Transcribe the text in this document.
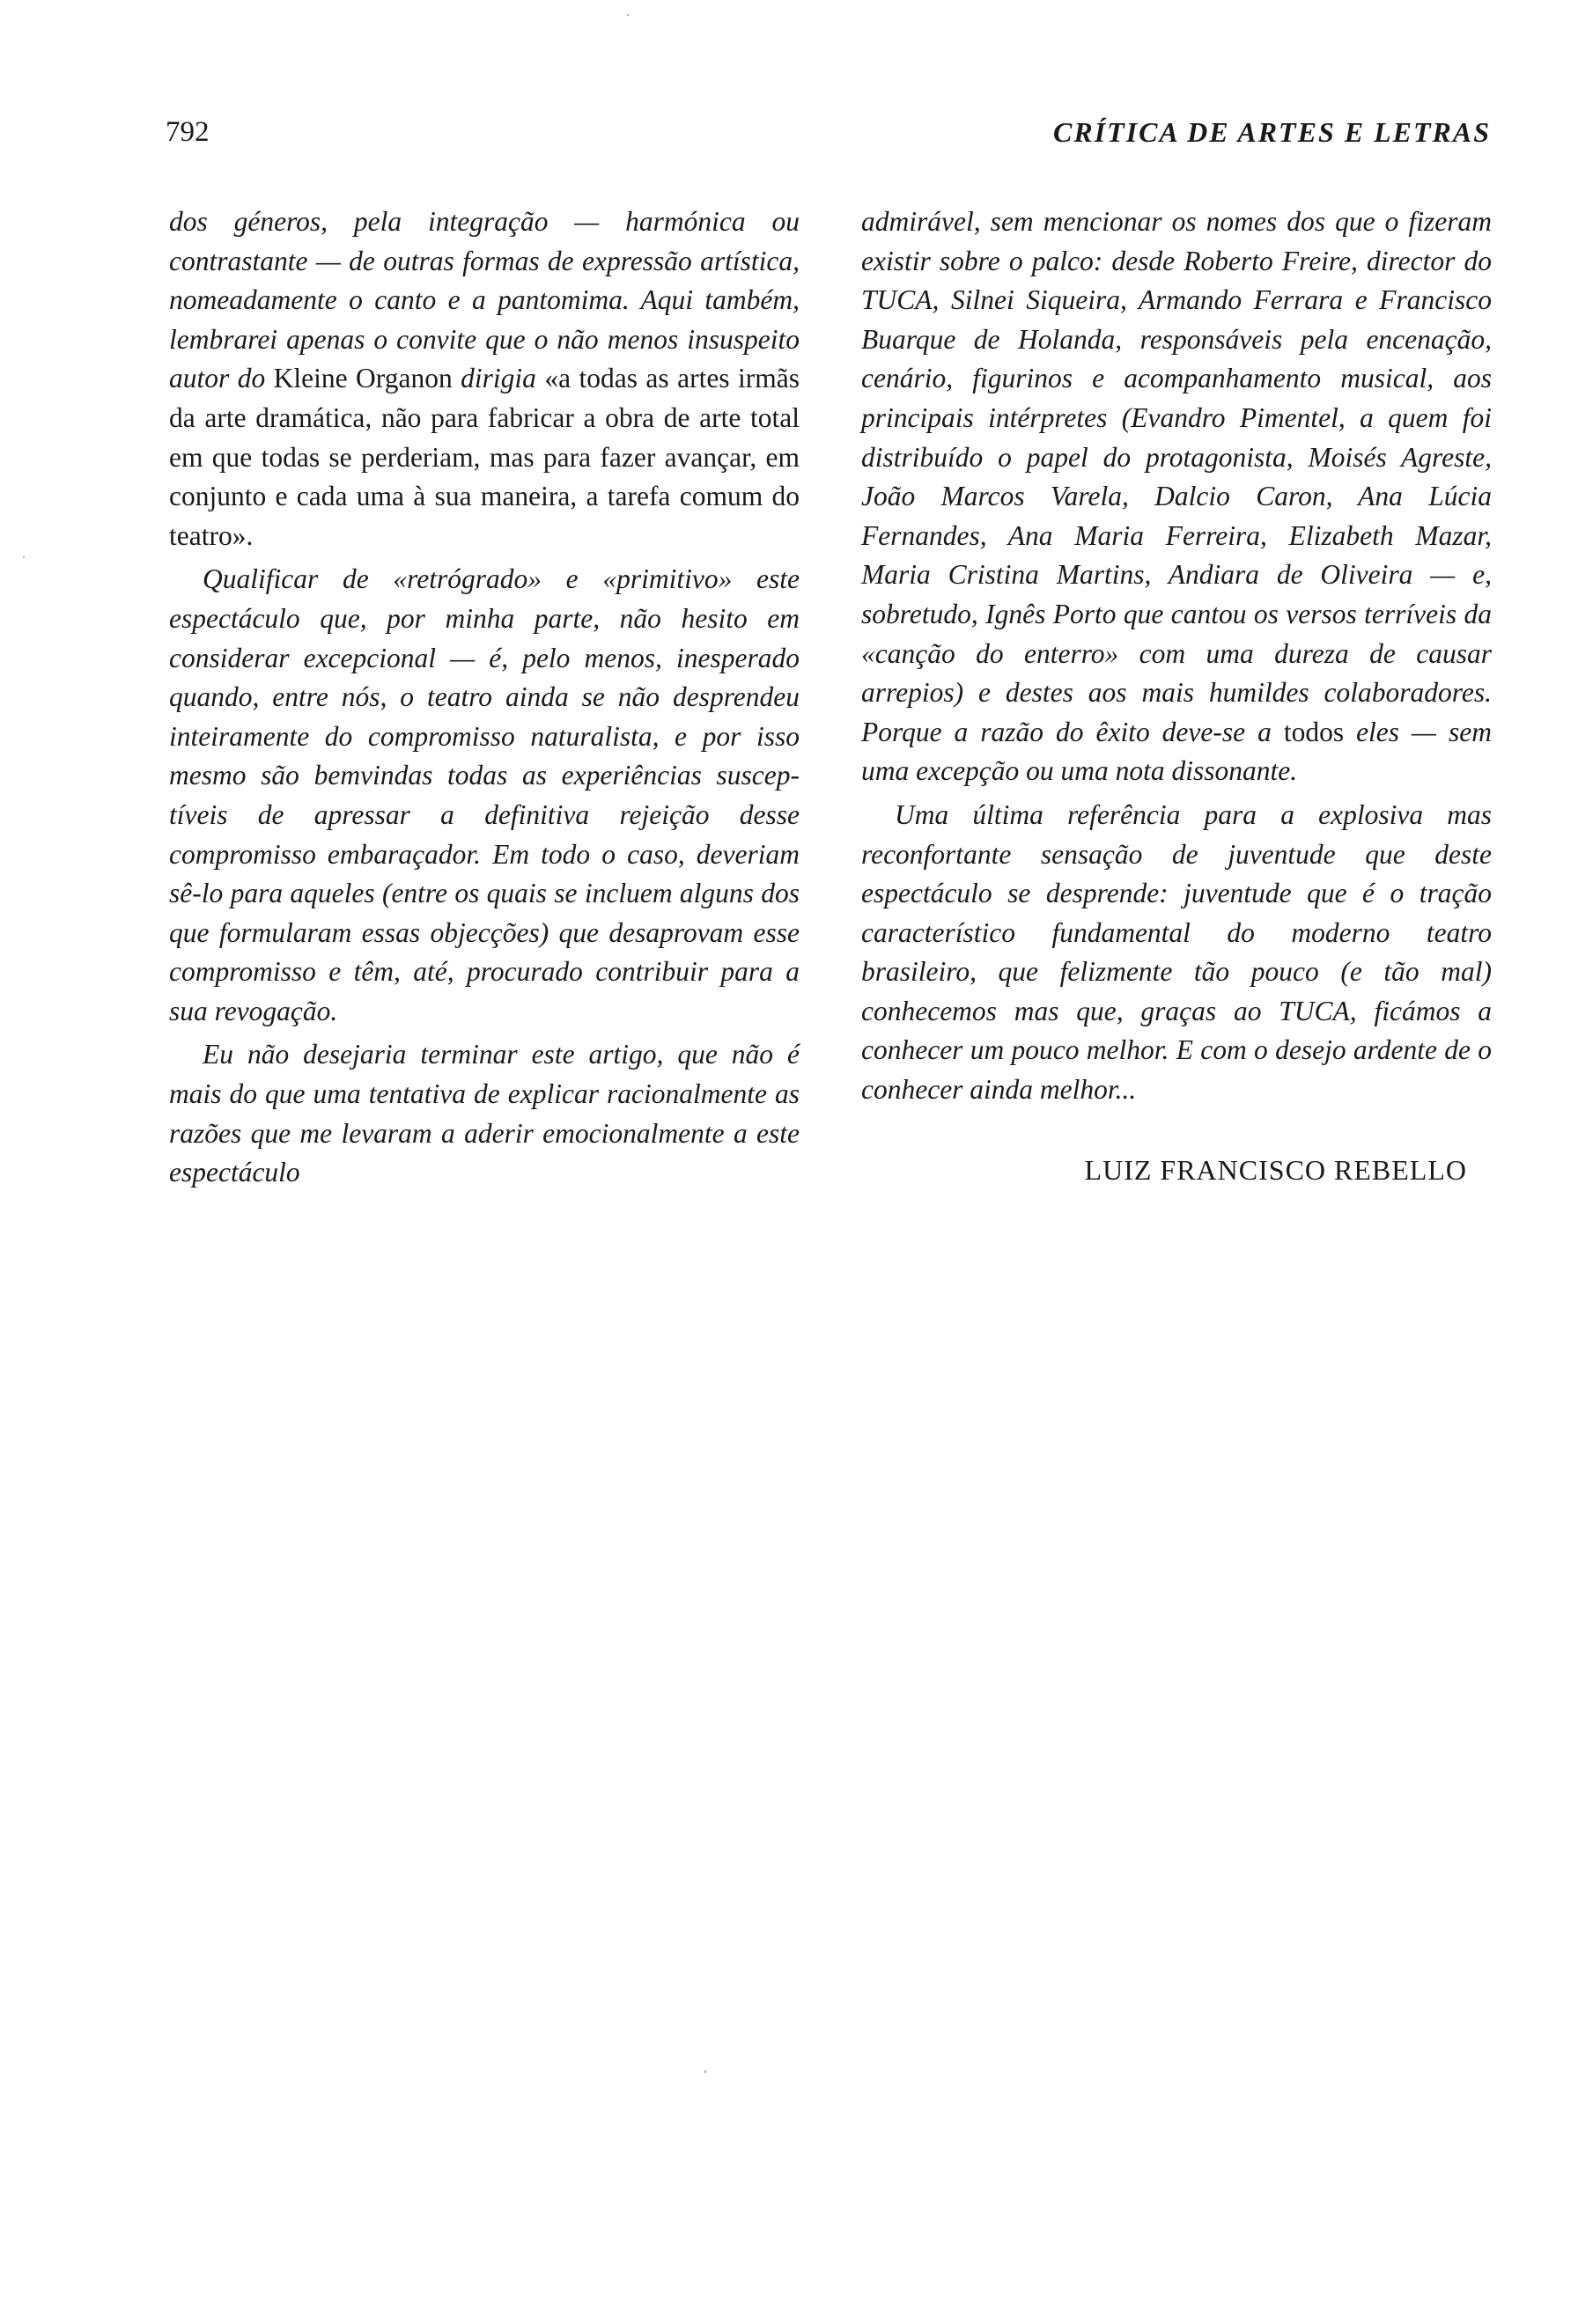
792	CRÍTICA DE ARTES E LETRAS

dos géneros, pela integração — harmónica ou contrastante — de outras formas de expressão artística, nomeadamente o canto e a pantomima. Aqui também, lembrarei apenas o convite que o não menos insuspeito autor do Kleine Organon dirigia «a todas as artes irmãs da arte dramática, não para fabricar a obra de arte total em que todas se perderiam, mas para fazer avançar, em conjunto e cada uma à sua maneira, a tarefa comum do teatro».

Qualificar de «retrógrado» e «primitivo» este espectáculo que, por minha parte, não hesito em considerar excepcional — é, pelo menos, inesperado quando, entre nós, o teatro ainda se não desprendeu inteiramente do compromisso naturalista, e por isso mesmo são bemvindas todas as experiências susceptíveis de apressar a definitiva rejeição desse compromisso embaraçador. Em todo o caso, deveriam sê-lo para aqueles (entre os quais se incluem alguns dos que formularam essas objecções) que desaprovam esse compromisso e têm, até, procurado contribuir para a sua revogação.

Eu não desejaria terminar este artigo, que não é mais do que uma tentativa de explicar racionalmente as razões que me levaram a aderir emocionalmente a este espectáculo

admirável, sem mencionar os nomes dos que o fizeram existir sobre o palco: desde Roberto Freire, director do TUCA, Silnei Siqueira, Armando Ferrara e Francisco Buarque de Holanda, responsáveis pela encenação, cenário, figurinos e acompanhamento musical, aos principais intérpretes (Evandro Pimentel, a quem foi distribuído o papel do protagonista, Moisés Agreste, João Marcos Varela, Dalcio Caron, Ana Lúcia Fernandes, Ana Maria Ferreira, Elizabeth Mazar, Maria Cristina Martins, Andiara de Oliveira — e, sobretudo, Ignês Porto que cantou os versos terríveis da «canção do enterro» com uma dureza de causar arrepios) e destes aos mais humildes colaboradores. Porque a razão do êxito deve-se a todos eles — sem uma excepção ou uma nota dissonante.

Uma última referência para a explosiva mas reconfortante sensação de juventude que deste espectáculo se desprende: juventude que é o tração característico fundamental do moderno teatro brasileiro, que felizmente tão pouco (e tão mal) conhecemos mas que, graças ao TUCA, ficámos a conhecer um pouco melhor. E com o desejo ardente de o conhecer ainda melhor...

LUIZ FRANCISCO REBELLO
